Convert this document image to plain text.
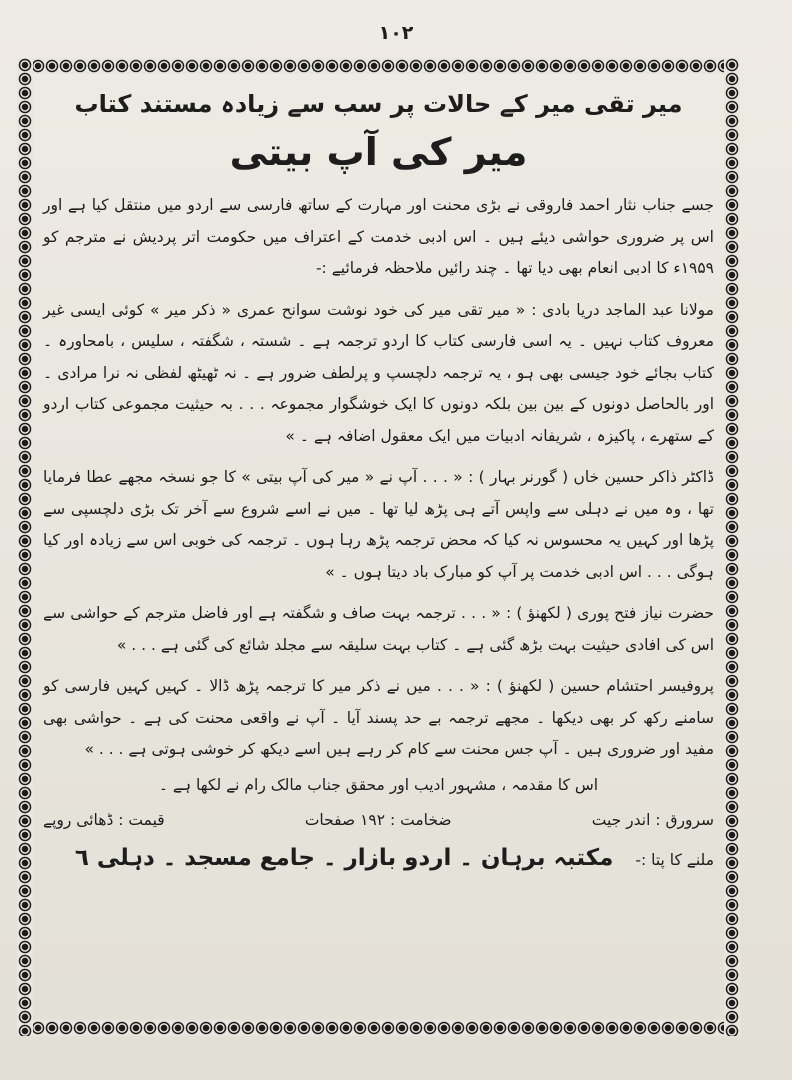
۱۰۲
میر تقی میر کے حالات پر سب سے زیادہ مستند کتاب
میر کی آپ بیتی

جسے جناب نثار احمد فاروقی نے بڑی محنت اور مہارت کے ساتھ فارسی سے اردو میں منتقل کیا ہے اور اس پر ضروری حواشی دیئے ہیں ۔ اس ادبی خدمت کے اعتراف میں حکومت اتر پردیش نے مترجم کو ۱۹۵۹ء کا ادبی انعام بھی دیا تھا ۔ چند رائیں ملاحظہ فرمائیے :-

مولانا عبد الماجد دریا بادی : « میر تقی میر کی خود نوشت سوانح عمری « ذکر میر » کوئی ایسی غیر معروف کتاب نہیں ۔ یہ اسی فارسی کتاب کا اردو ترجمہ ہے ۔ شستہ ، شگفتہ ، سلیس ، بامحاورہ ۔ کتاب بجائے خود جیسی بھی ہو ، یہ ترجمہ دلچسپ و پرلطف ضرور ہے ۔ نہ ٹھیٹھ لفظی نہ نرا مرادی ۔ اور بالحاصل دونوں کے بین بین بلکہ دونوں کا ایک خوشگوار مجموعہ . . . بہ حیثیت مجموعی کتاب اردو کے ستھرے ، پاکیزہ ، شریفانہ ادبیات میں ایک معقول اضافہ ہے ۔ »

ڈاکٹر ذاکر حسین خاں ( گورنر بہار ) : « . . . آپ نے « میر کی آپ بیتی » کا جو نسخہ مجھے عطا فرمایا تھا ، وہ میں نے دہلی سے واپس آتے ہی پڑھ لیا تھا ۔ میں نے اسے شروع سے آخر تک بڑی دلچسپی سے پڑھا اور کہیں یہ محسوس نہ کیا کہ محض ترجمہ پڑھ رہا ہوں ۔ ترجمہ کی خوبی اس سے زیادہ اور کیا ہوگی . . . اس ادبی خدمت پر آپ کو مبارک باد دیتا ہوں ۔ »

حضرت نیاز فتح پوری ( لکھنؤ ) : « . . . ترجمہ بہت صاف و شگفتہ ہے اور فاضل مترجم کے حواشی سے اس کی افادی حیثیت بہت بڑھ گئی ہے ۔ کتاب بہت سلیقہ سے مجلد شائع کی گئی ہے . . . »

پروفیسر احتشام حسین ( لکھنؤ ) : « . . . میں نے ذکر میر کا ترجمہ پڑھ ڈالا ۔ کہیں کہیں فارسی کو سامنے رکھ کر بھی دیکھا ۔ مجھے ترجمہ بے حد پسند آیا ۔ آپ نے واقعی محنت کی ہے ۔ حواشی بھی مفید اور ضروری ہیں ۔ آپ جس محنت سے کام کر رہے ہیں اسے دیکھ کر خوشی ہوتی ہے . . . »

اس کا مقدمہ ، مشہور ادیب اور محقق جناب مالک رام نے لکھا ہے ۔

سرورق : اندر جیت
ضخامت : ۱۹۲ صفحات
قیمت : ڈھائی روپے
ملنے کا پتا :-
مکتبہ برہان ۔ اردو بازار ۔ جامع مسجد ۔ دہلی ٦
